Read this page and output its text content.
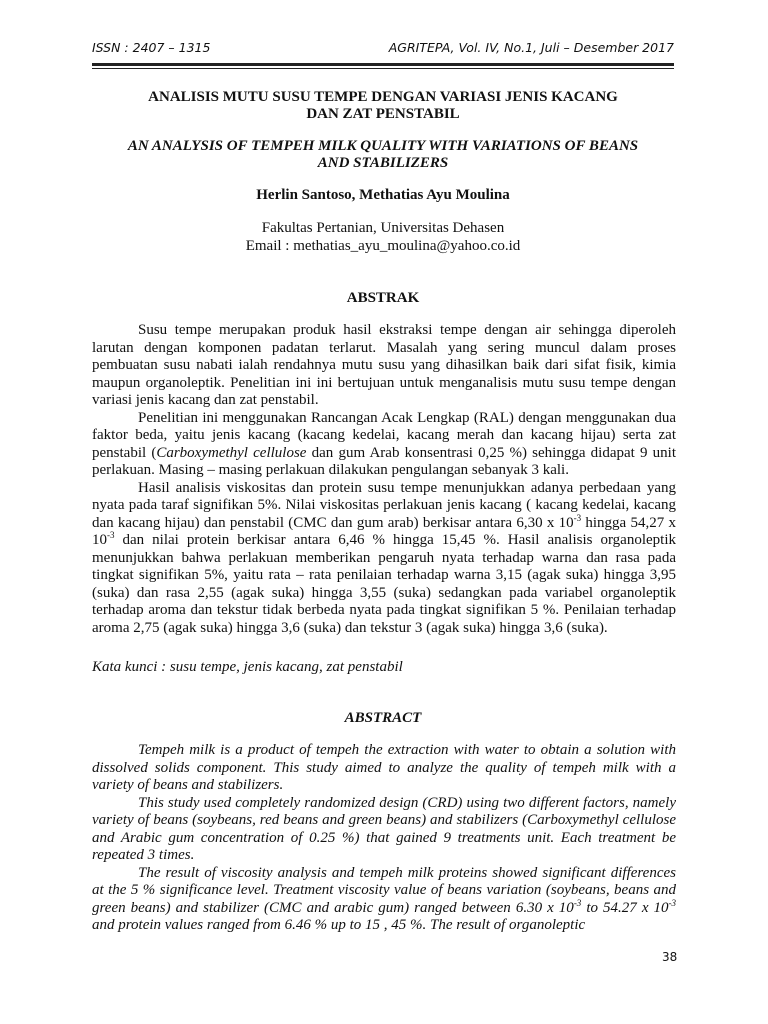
ISSN : 2407 – 1315	AGRITEPA, Vol. IV, No.1, Juli – Desember 2017
ANALISIS MUTU SUSU TEMPE DENGAN VARIASI JENIS KACANG
DAN ZAT PENSTABIL
AN ANALYSIS OF TEMPEH MILK QUALITY WITH VARIATIONS OF BEANS
AND STABILIZERS
Herlin Santoso, Methatias Ayu Moulina
Fakultas Pertanian, Universitas Dehasen
Email : methatias_ayu_moulina@yahoo.co.id
ABSTRAK

Susu tempe merupakan produk hasil ekstraksi tempe dengan air sehingga diperoleh larutan dengan komponen padatan terlarut. Masalah yang sering muncul dalam proses pembuatan susu nabati ialah rendahnya mutu susu yang dihasilkan baik dari sifat fisik, kimia maupun organoleptik. Penelitian ini ini bertujuan untuk menganalisis mutu susu tempe dengan variasi jenis kacang dan zat penstabil.

Penelitian ini menggunakan Rancangan Acak Lengkap (RAL) dengan menggunakan dua faktor beda, yaitu jenis kacang (kacang kedelai, kacang merah dan kacang hijau) serta zat penstabil (Carboxymethyl cellulose dan gum Arab konsentrasi 0,25 %) sehingga didapat 9 unit perlakuan. Masing – masing perlakuan dilakukan pengulangan sebanyak 3 kali.

Hasil analisis viskositas dan protein susu tempe menunjukkan adanya perbedaan yang nyata pada taraf signifikan 5%. Nilai viskositas perlakuan jenis kacang ( kacang kedelai, kacang dan kacang hijau) dan penstabil (CMC dan gum arab) berkisar antara 6,30 x $10^{-3}$ hingga 54,27 x $10^{-3}$ dan nilai protein berkisar antara 6,46 % hingga 15,45 %. Hasil analisis organoleptik menunjukkan bahwa perlakuan memberikan pengaruh nyata terhadap warna dan rasa pada tingkat signifikan 5%, yaitu rata – rata penilaian terhadap warna 3,15 (agak suka) hingga 3,95 (suka) dan rasa 2,55 (agak suka) hingga 3,55 (suka) sedangkan pada variabel organoleptik terhadap aroma dan tekstur tidak berbeda nyata pada tingkat signifikan 5 %. Penilaian terhadap aroma 2,75 (agak suka) hingga 3,6 (suka) dan tekstur 3 (agak suka) hingga 3,6 (suka).

Kata kunci : susu tempe, jenis kacang, zat penstabil
ABSTRACT

Tempeh milk is a product of tempeh the extraction with water to obtain a solution with dissolved solids component. This study aimed to analyze the quality of tempeh milk with a variety of beans and stabilizers.

This study used completely randomized design (CRD) using two different factors, namely variety of beans (soybeans, red beans and green beans) and stabilizers (Carboxymethyl cellulose and Arabic gum concentration of 0.25 %) that gained 9 treatments unit. Each treatment be repeated 3 times.

The result of viscosity analysis and tempeh milk proteins showed significant differences at the 5 % significance level. Treatment viscosity value of beans variation (soybeans, beans and green beans) and stabilizer (CMC and arabic gum) ranged between 6.30 x $10^{-3}$ to 54.27 x $10^{-3}$ and protein values ranged from 6.46 % up to 15 , 45 %. The result of organoleptic

38
